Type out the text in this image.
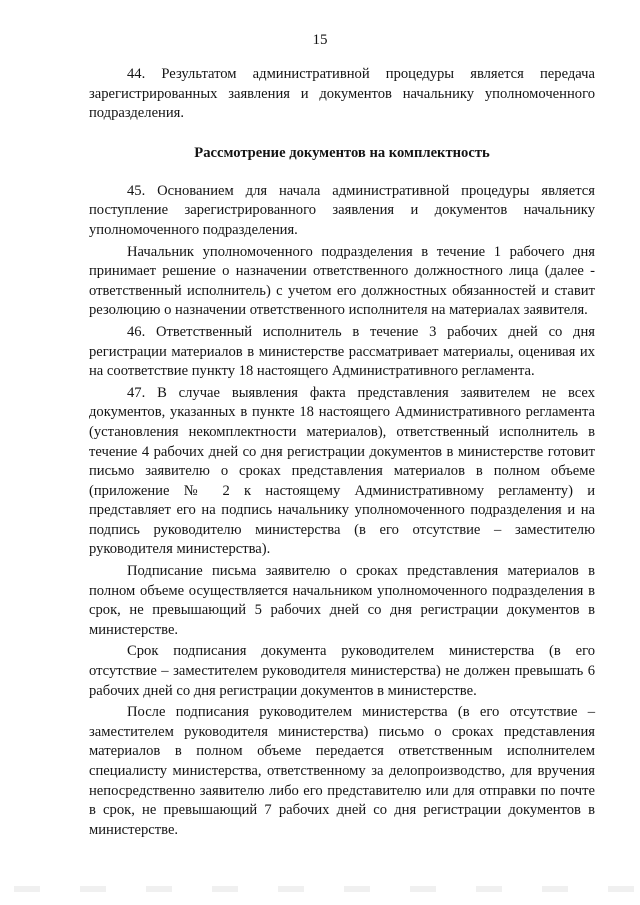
15

44. Результатом административной процедуры является передача зарегистрированных заявления и документов начальнику уполномоченного подразделения.

Рассмотрение документов на комплектность

45. Основанием для начала административной процедуры является поступление зарегистрированного заявления и документов начальнику уполномоченного подразделения.

Начальник уполномоченного подразделения в течение 1 рабочего дня принимает решение о назначении ответственного должностного лица (далее - ответственный исполнитель) с учетом его должностных обязанностей и ставит резолюцию о назначении ответственного исполнителя на материалах заявителя.

46. Ответственный исполнитель в течение 3 рабочих дней со дня регистрации материалов в министерстве рассматривает материалы, оценивая их на соответствие пункту 18 настоящего Административного регламента.

47. В случае выявления факта представления заявителем не всех документов, указанных в пункте 18 настоящего Административного регламента (установления некомплектности материалов), ответственный исполнитель в течение 4 рабочих дней со дня регистрации документов в министерстве готовит письмо заявителю о сроках представления материалов в полном объеме (приложение № 2 к настоящему Административному регламенту) и представляет его на подпись начальнику уполномоченного подразделения и на подпись руководителю министерства (в его отсутствие – заместителю руководителя министерства).

Подписание письма заявителю о сроках представления материалов в полном объеме осуществляется начальником уполномоченного подразделения в срок, не превышающий 5 рабочих дней со дня регистрации документов в министерстве.

Срок подписания документа руководителем министерства (в его отсутствие – заместителем руководителя министерства) не должен превышать 6 рабочих дней со дня регистрации документов в министерстве.

После подписания руководителем министерства (в его отсутствие – заместителем руководителя министерства) письмо о сроках представления материалов в полном объеме передается ответственным исполнителем специалисту министерства, ответственному за делопроизводство, для вручения непосредственно заявителю либо его представителю или для отправки по почте в срок, не превышающий 7 рабочих дней со дня регистрации документов в министерстве.
